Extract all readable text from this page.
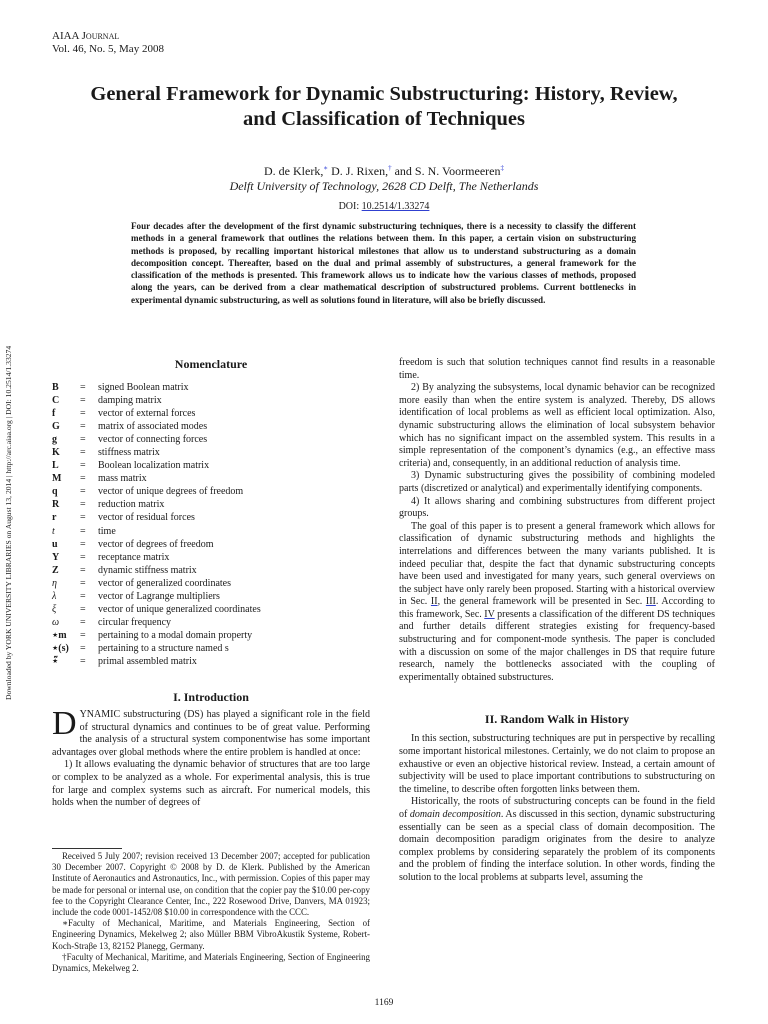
AIAA Journal
Vol. 46, No. 5, May 2008
General Framework for Dynamic Substructuring: History, Review,
and Classification of Techniques
D. de Klerk,∗ D. J. Rixen,† and S. N. Voormeeren‡
Delft University of Technology, 2628 CD Delft, The Netherlands
DOI: 10.2514/1.33274
Four decades after the development of the first dynamic substructuring techniques, there is a necessity to classify the different methods in a general framework that outlines the relations between them. In this paper, a certain vision on substructuring methods is proposed, by recalling important historical milestones that allow us to understand substructuring as a domain decomposition concept. Thereafter, based on the dual and primal assembly of substructures, a general framework for the classification of the methods is presented. This framework allows us to indicate how the various classes of methods, proposed along the years, can be derived from a clear mathematical description of substructured problems. Current bottlenecks in experimental dynamic substructuring, as well as solutions found in literature, will also be briefly discussed.
Downloaded by YORK UNIVERSITY LIBRARIES on August 13, 2014 | http://arc.aiaa.org | DOI: 10.2514/1.33274	Nomenclature
B	=	signed Boolean matrix
C	=	damping matrix
f	=	vector of external forces
G	=	matrix of associated modes
g	=	vector of connecting forces
K	=	stiffness matrix
L	=	Boolean localization matrix
M	=	mass matrix
q	=	vector of unique degrees of freedom
R	=	reduction matrix
r	=	vector of residual forces
t	=	time
u	=	vector of degrees of freedom
Y	=	receptance matrix
Z	=	dynamic stiffness matrix
η	=	vector of generalized coordinates
λ	=	vector of Lagrange multipliers
ξ	=	vector of unique generalized coordinates
ω	=	circular frequency
⋆m	=	pertaining to a modal domain property
⋆(s)	=	pertaining to a structure named s
⋆̃	=	primal assembled matrix
I. Introduction

DYNAMIC substructuring (DS) has played a significant role in the field of structural dynamics and continues to be of great value. Performing the analysis of a structural system componentwise has some important advantages over global methods where the entire problem is handled at once:

1) It allows evaluating the dynamic behavior of structures that are too large or complex to be analyzed as a whole. For experimental analysis, this is true for large and complex systems such as aircraft. For numerical models, this holds when the number of degrees of

Received 5 July 2007; revision received 13 December 2007; accepted for publication 30 December 2007. Copyright © 2008 by D. de Klerk. Published by the American Institute of Aeronautics and Astronautics, Inc., with permission. Copies of this paper may be made for personal or internal use, on condition that the copier pay the $10.00 per-copy fee to the Copyright Clearance Center, Inc., 222 Rosewood Drive, Danvers, MA 01923; include the code 0001-1452/08 $10.00 in correspondence with the CCC.

∗Faculty of Mechanical, Maritime, and Materials Engineering, Section of Engineering Dynamics, Mekelweg 2; also Müller BBM VibroAkustik Systeme, Robert-Koch-Straβe 13, 82152 Planegg, Germany.

†Faculty of Mechanical, Maritime, and Materials Engineering, Section of Engineering Dynamics, Mekelweg 2.

freedom is such that solution techniques cannot find results in a reasonable time.

2) By analyzing the subsystems, local dynamic behavior can be recognized more easily than when the entire system is analyzed. Thereby, DS allows identification of local problems as well as efficient local optimization. Also, dynamic substructuring allows the elimination of local subsystem behavior which has no significant impact on the assembled system. This results in a simple representation of the component’s dynamics (e.g., an effective mass criteria) and, consequently, in an additional reduction of analysis time.

3) Dynamic substructuring gives the possibility of combining modeled parts (discretized or analytical) and experimentally identifying components.

4) It allows sharing and combining substructures from different project groups.

The goal of this paper is to present a general framework which allows for classification of dynamic substructuring methods and highlights the interrelations and differences between the many variants published. It is indeed peculiar that, despite the fact that dynamic substructuring concepts have been used and investigated for many years, such general overviews on the subject have only rarely been proposed. Starting with a historical overview in Sec. II, the general framework will be presented in Sec. III. According to this framework, Sec. IV presents a classification of the different DS techniques and further details different strategies existing for frequency-based substructuring and for component-mode synthesis. The paper is concluded with a discussion on some of the major challenges in DS that require future research, namely the bottlenecks associated with the coupling of experimentally obtained substructures.

II. Random Walk in History

In this section, substructuring techniques are put in perspective by recalling some important historical milestones. Certainly, we do not claim to propose an exhaustive or even an objective historical review. Instead, a certain amount of subjectivity will be used to place important contributions to substructuring on the timeline, to describe often forgotten links between them.

Historically, the roots of substructuring concepts can be found in the field of domain decomposition. As discussed in this section, dynamic substructuring essentially can be seen as a special class of domain decomposition. The domain decomposition paradigm originates from the desire to analyze complex problems by considering separately the problem of its components and the problem of finding the interface solution. In other words, finding the solution to the local problems at subparts level, assuming the

1169
